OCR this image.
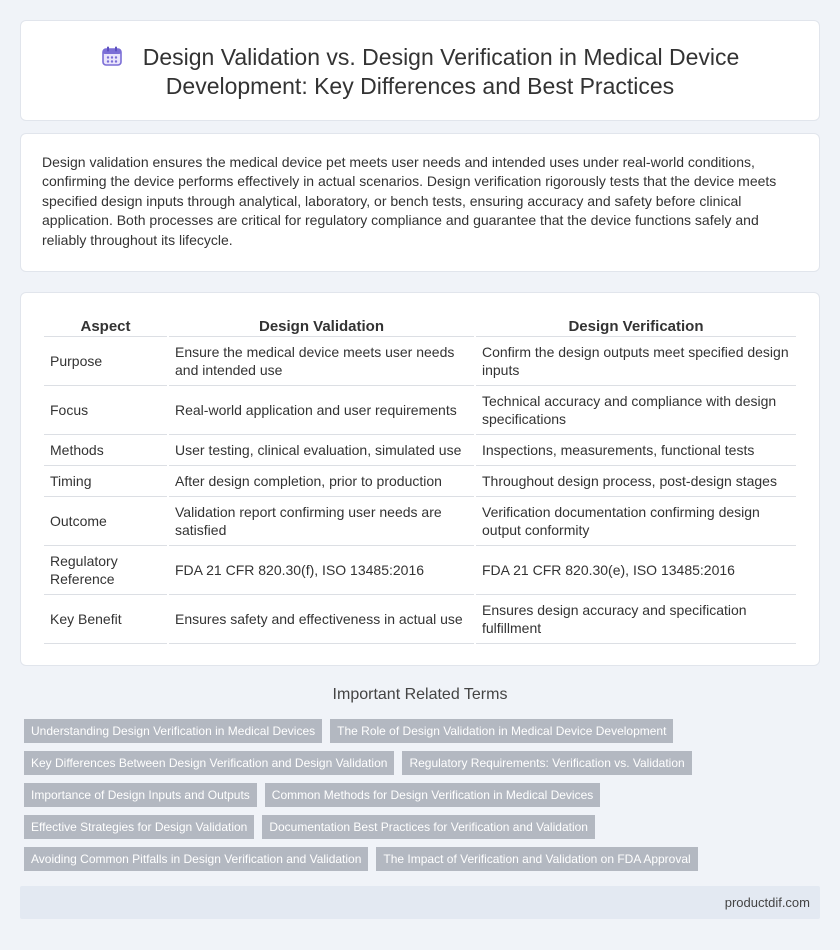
Design Validation vs. Design Verification in Medical Device Development: Key Differences and Best Practices

Design validation ensures the medical device pet meets user needs and intended uses under real-world conditions, confirming the device performs effectively in actual scenarios. Design verification rigorously tests that the device meets specified design inputs through analytical, laboratory, or bench tests, ensuring accuracy and safety before clinical application. Both processes are critical for regulatory compliance and guarantee that the device functions safely and reliably throughout its lifecycle.

Aspect	Design Validation	Design Verification
Purpose	Ensure the medical device meets user needs and intended use	Confirm the design outputs meet specified design inputs
Focus	Real-world application and user requirements	Technical accuracy and compliance with design specifications
Methods	User testing, clinical evaluation, simulated use	Inspections, measurements, functional tests
Timing	After design completion, prior to production	Throughout design process, post-design stages
Outcome	Validation report confirming user needs are satisfied	Verification documentation confirming design output conformity
Regulatory Reference	FDA 21 CFR 820.30(f), ISO 13485:2016	FDA 21 CFR 820.30(e), ISO 13485:2016
Key Benefit	Ensures safety and effectiveness in actual use	Ensures design accuracy and specification fulfillment
Important Related Terms
Understanding Design Verification in Medical Devices	The Role of Design Validation in Medical Device Development
Key Differences Between Design Verification and Design Validation	Regulatory Requirements: Verification vs. Validation
Importance of Design Inputs and Outputs	Common Methods for Design Verification in Medical Devices
Effective Strategies for Design Validation	Documentation Best Practices for Verification and Validation
Avoiding Common Pitfalls in Design Verification and Validation	The Impact of Verification and Validation on FDA Approval
productdif.com
